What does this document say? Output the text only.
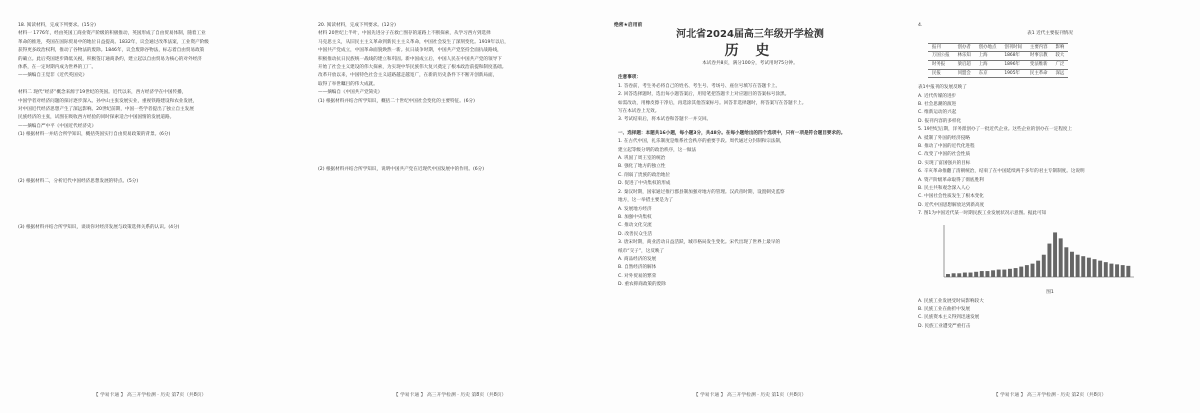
18. 阅读材料，完成下列要求。(15分)

材料一 1776年，经由英国工商业资产阶级的积极推动，英国形成了自由贸易体制，随着工业

革命的推进，英国在国际贸易中的地位日益提高。1832年，议会通过改革法案，工业资产阶级

获得更多政治权利，推动了谷物法的废除。1846年，议会废除谷物法，标志着自由贸易政策

的确立。此后英国逐步降低关税，积极签订通商条约，建立起以自由贸易为核心的对外经济

体系，在一定时期内成为世界的工厂。

——摘编自王觉非《近代英国史》

材料二 现代“经济”概念来源于19世纪的英国。近代以来，西方经济学在中国传播，

中国学者对经济问题的探讨逐步深入。孙中山主张发展实业，重视铁路建设和农业发展，

对中国近代经济思想产生了深远影响。20世纪前期，中国一些学者提出了独立自主发展

民族经济的主张，试图在吸收西方经验的同时探索适合中国国情的发展道路。

——摘编自严中平《中国近代经济史》

(1) 根据材料一并结合所学知识，概括英国实行自由贸易政策的背景。(6分)

(2) 根据材料二，分析近代中国经济思想发展的特点。(5分)

(3) 根据材料并结合所学知识，谈谈你对经济发展与政策选择关系的认识。(4分)

【 学易卡通 】 高三开学检测 · 历史 第7页（共8页）

20. 阅读材料，完成下列要求。(12分)

材料 20世纪上半叶，中国先进分子在救亡图存的道路上不断探索，从学习西方到选择

马克思主义，从旧民主主义革命到新民主主义革命，中国社会发生了深刻变化。1919年以后，

中国共产党成立，中国革命面貌焕然一新。抗日战争时期，中国共产党坚持全面抗战路线，

积极推动抗日民族统一战线的建立和巩固。新中国成立后，中国人民在中国共产党的领导下

开始了社会主义建设的伟大探索，为实现中华民族伟大复兴奠定了根本政治前提和制度基础。

改革开放以来，中国特色社会主义道路越走越宽广，在新的历史条件下不断开创新局面，

取得了举世瞩目的伟大成就。

——摘编自《中国共产党简史》

(1) 根据材料并结合所学知识，概括二十世纪中国社会变化的主要特征。(6分)

(2) 根据材料并结合所学知识，说明中国共产党在近现代中国发展中的作用。(6分)

【 学易卡通 】 高三开学检测 · 历史 第8页（共8页）
绝密★启用前
河北省2024届高三年级开学检测
历 史
本试卷共8页，满分100分，考试用时75分钟。

注意事项：

1. 答卷前，考生务必将自己的姓名、考生号、考场号、座位号填写在答题卡上。

2. 回答选择题时，选出每小题答案后，用铅笔把答题卡上对应题目的答案标号涂黑。

如需改动，用橡皮擦干净后，再选涂其他答案标号。回答非选择题时，将答案写在答题卡上。

写在本试卷上无效。

3. 考试结束后，将本试卷和答题卡一并交回。

一、选择题：本题共16小题，每小题3分，共48分。在每小题给出的四个选项中，只有一项是符合题目要求的。

1. 在古代中国，礼乐制度是维系社会秩序的重要手段。周代通过分封制和宗法制，

建立起等级分明的政治秩序，这一做法

A. 巩固了周王室的统治

B. 强化了地方的独立性

C. 削弱了贵族的政治地位

D. 促进了中央集权的形成

2. 秦汉时期，国家通过推行郡县制加强对地方的管理。汉武帝时期，设置刺史监察

地方，这一举措主要是为了

A. 发展地方经济

B. 加强中央集权

C. 推动文化交流

D. 改善民众生活

3. 唐宋时期，商业活动日益活跃，城市格局发生变化。宋代出现了世界上最早的

纸币“交子”，这反映了

A. 商品经济的发展

B. 自然经济的解体

C. 对外贸易的繁荣

D. 重农抑商政策的废除

【 学易卡通 】 高三开学检测 · 历史 第1页（共8页）

4.

表1 近代主要报刊情况

报刊	创办者	创办地点	创刊时间	主要内容	影响
万国公报	林乐知	上海	1868年	时事宗教	较大
时务报	梁启超	上海	1896年	变法维新	广泛
民报	同盟会	东京	1905年	民主革命	深远

表1中报刊的发展反映了

A. 近代传媒的进步

B. 社会思潮的演进

C. 维新运动的兴起

D. 报刊内容的多样化

5. 19世纪后期，洋务派创办了一批近代企业。这些企业的创办在一定程度上

A. 抵制了外国的经济侵略

B. 推动了中国的近代化进程

C. 改变了中国的社会性质

D. 实现了富国强兵的目标

6. 辛亥革命推翻了清朝统治，结束了在中国延续两千多年的君主专制制度。这说明

A. 资产阶级革命取得了彻底胜利

B. 民主共和观念深入人心

C. 中国社会性质发生了根本变化

D. 近代中国思想解放达到新高度

7. 图1为中国近代某一时期民族工业发展状况示意图。据此可知

图1

A. 民族工业发展受时局影响较大

B. 民族工业在曲折中发展

C. 民族资本主义得到迅速发展

D. 民族工业遭受严重打击

【 学易卡通 】 高三开学检测 · 历史 第2页（共8页）
